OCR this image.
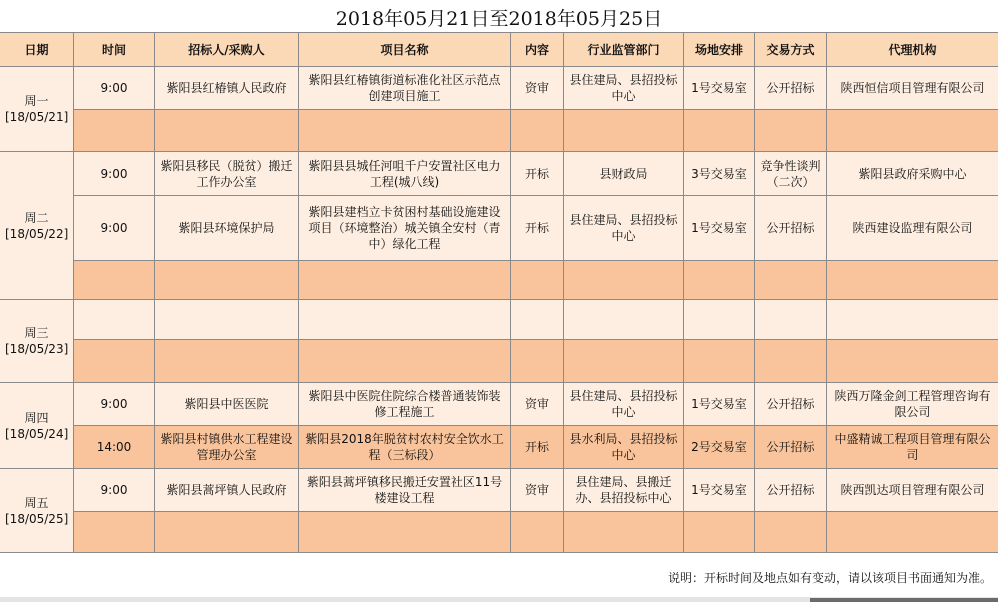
2018年05月21日至2018年05月25日
日期	时间	招标人/采购人	项目名称	内容	行业监管部门	场地安排	交易方式	代理机构

周一
[18/05/21]	9:00	紫阳县红椿镇人民政府	紫阳县红椿镇街道标准化社区示范点创建项目施工	资审	县住建局、县招投标中心	1号交易室	公开招标	陕西恒信项目管理有限公司

周二
[18/05/22]	9:00	紫阳县移民（脱贫）搬迁工作办公室	紫阳县县城任河咀千户安置社区电力工程(城八线)	开标	县财政局	3号交易室	竞争性谈判（二次）	紫阳县政府采购中心
	9:00	紫阳县环境保护局	紫阳县建档立卡贫困村基础设施建设项目（环境整治）城关镇全安村（青中）绿化工程	开标	县住建局、县招投标中心	1号交易室	公开招标	陕西建设监理有限公司

周三
[18/05/23]								

周四
[18/05/24]	9:00	紫阳县中医医院	紫阳县中医院住院综合楼普通装饰装修工程施工	资审	县住建局、县招投标中心	1号交易室	公开招标	陕西万隆金剑工程管理咨询有限公司
	14:00	紫阳县村镇供水工程建设管理办公室	紫阳县2018年脱贫村农村安全饮水工程（三标段）	开标	县水利局、县招投标中心	2号交易室	公开招标	中盛精诚工程项目管理有限公司

周五
[18/05/25]	9:00	紫阳县蒿坪镇人民政府	紫阳县蒿坪镇移民搬迁安置社区11号楼建设工程	资审	县住建局、县搬迁办、县招投标中心	1号交易室	公开招标	陕西凯达项目管理有限公司

说明：开标时间及地点如有变动，请以该项目书面通知为准。
